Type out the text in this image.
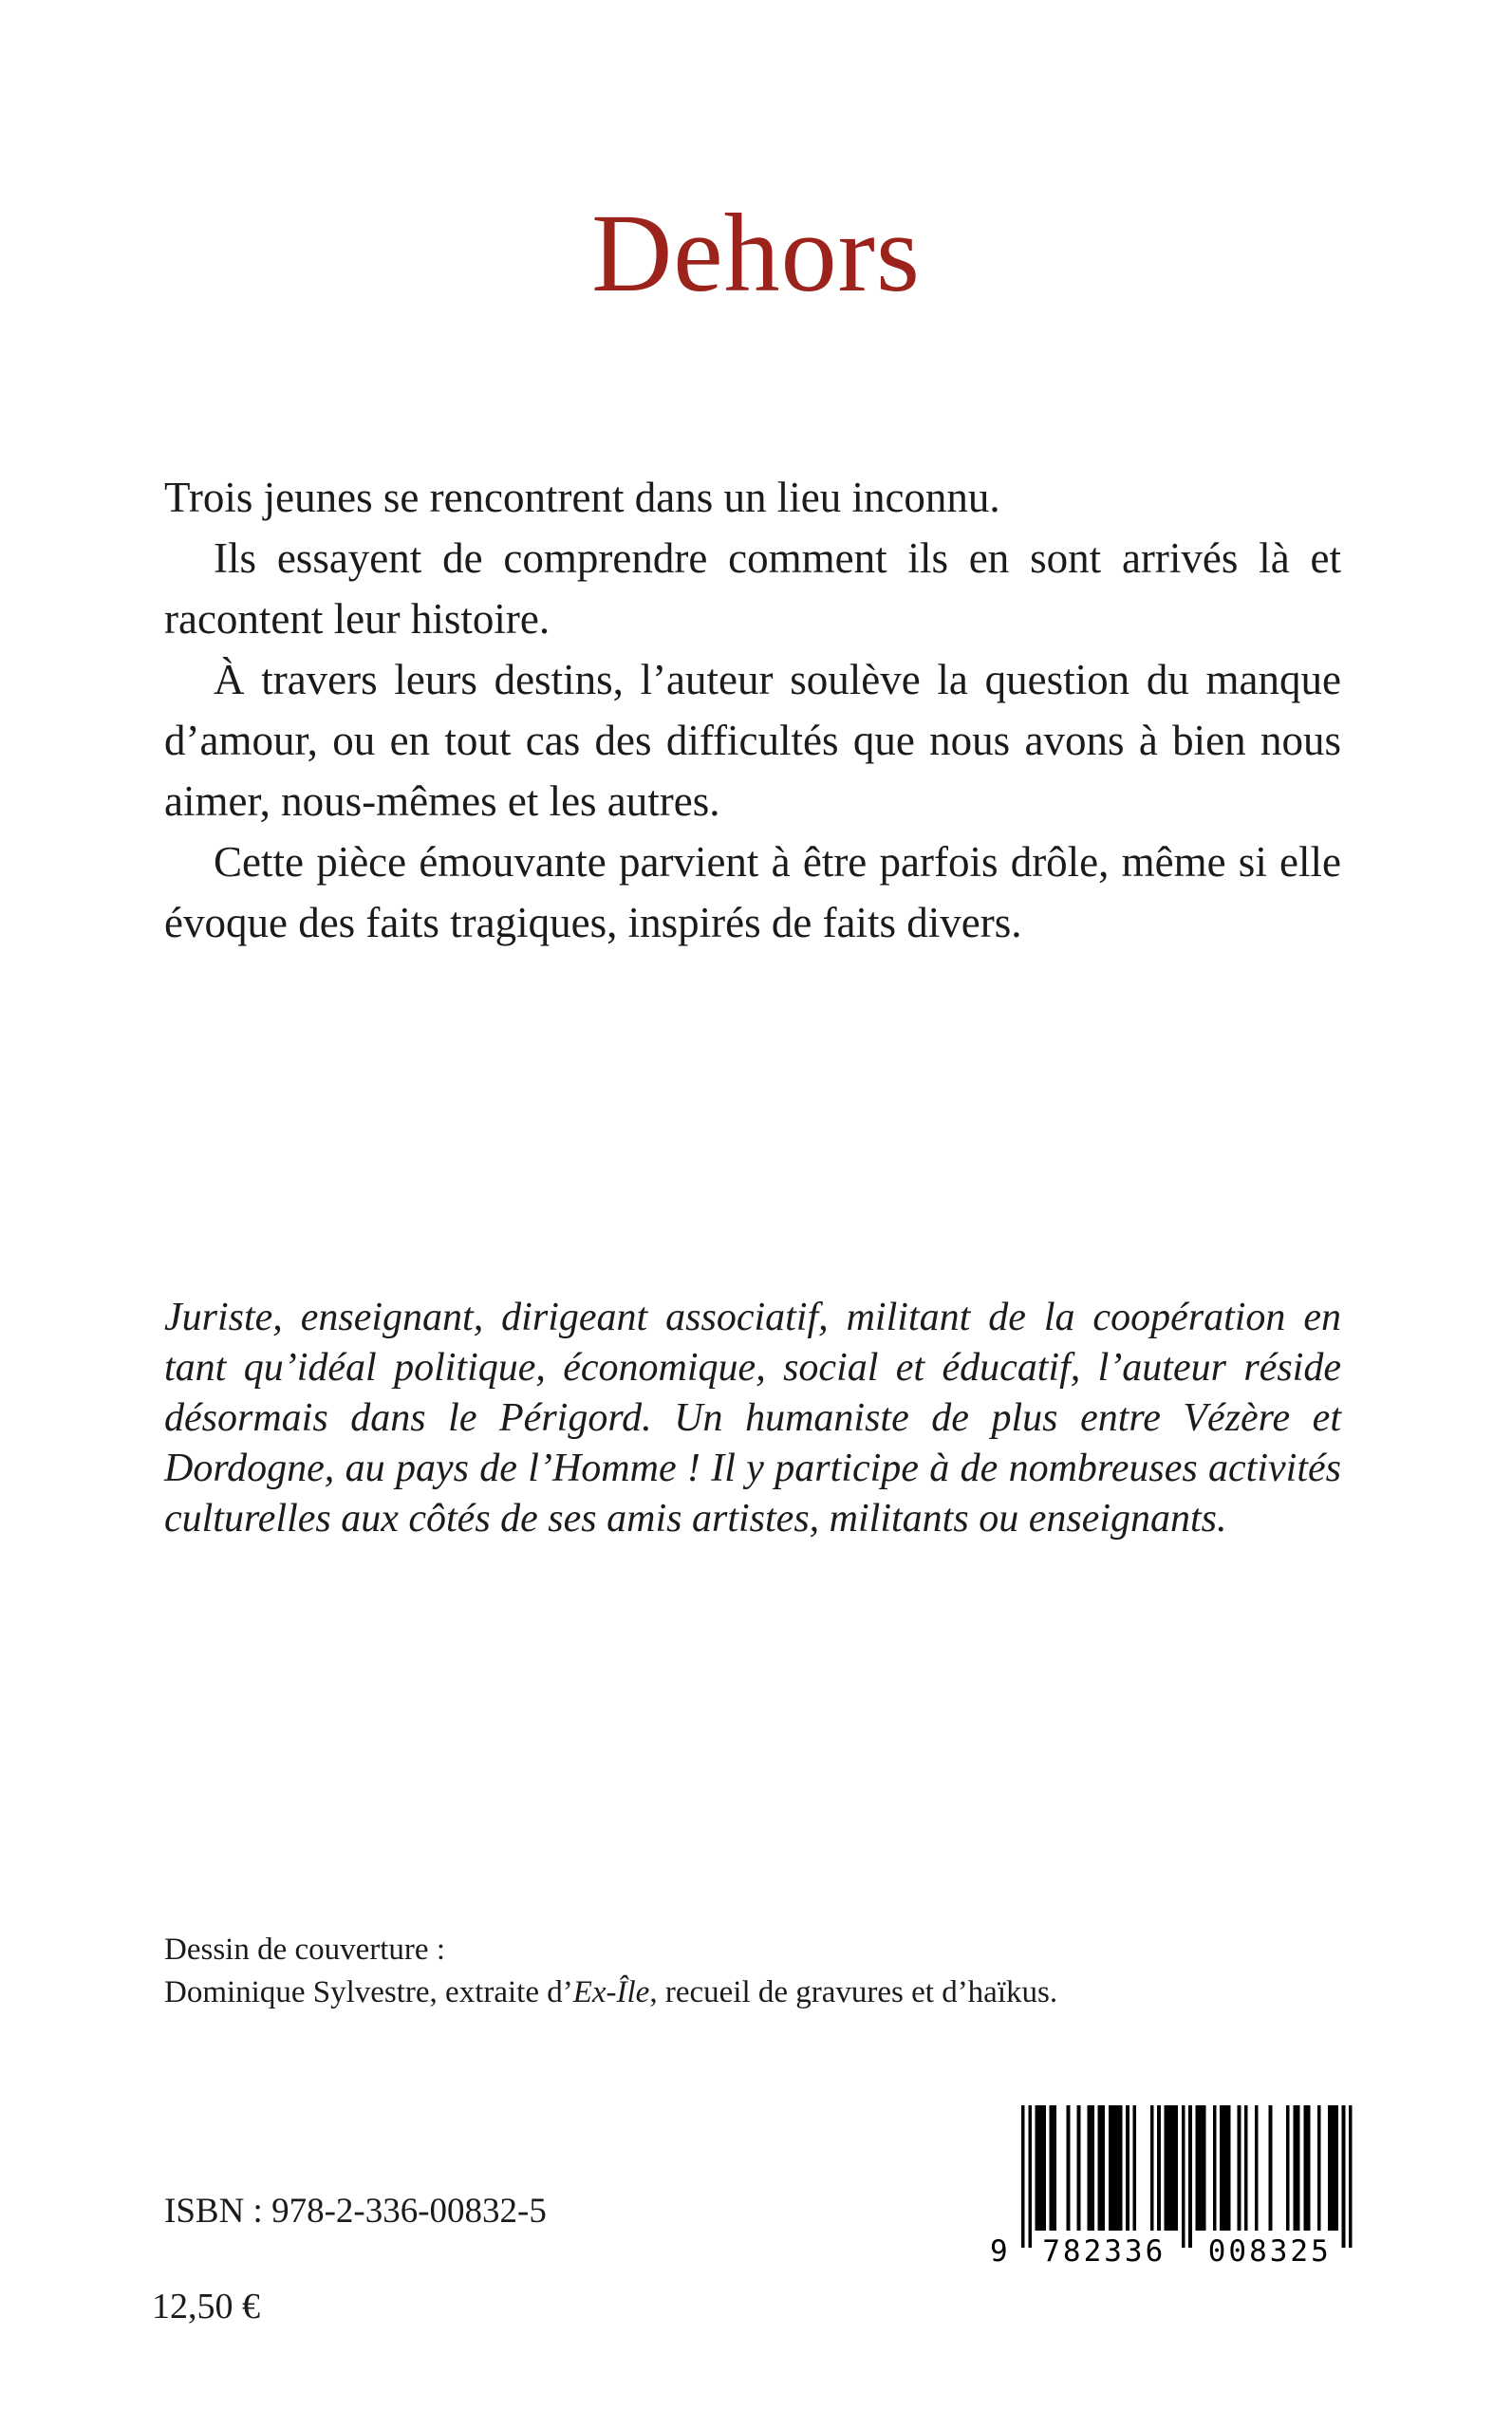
Dehors

Trois jeunes se rencontrent dans un lieu inconnu.

Ils essayent de comprendre comment ils en sont arrivés là et racontent leur histoire.

À travers leurs destins, l’auteur soulève la question du manque d’amour, ou en tout cas des difficultés que nous avons à bien nous aimer, nous-mêmes et les autres.

Cette pièce émouvante parvient à être parfois drôle, même si elle évoque des faits tragiques, inspirés de faits divers.

Juriste, enseignant, dirigeant associatif, militant de la coopération en tant qu’idéal politique, économique, social et éducatif, l’auteur réside désormais dans le Périgord. Un humaniste de plus entre Vézère et Dordogne, au pays de l’Homme ! Il y participe à de nombreuses activités culturelles aux côtés de ses amis artistes, militants ou enseignants.

Dessin de couverture :
Dominique Sylvestre, extraite d’Ex-Île, recueil de gravures et d’haïkus.
ISBN : 978-2-336-00832-5
12,50 €
9	782336	008325
